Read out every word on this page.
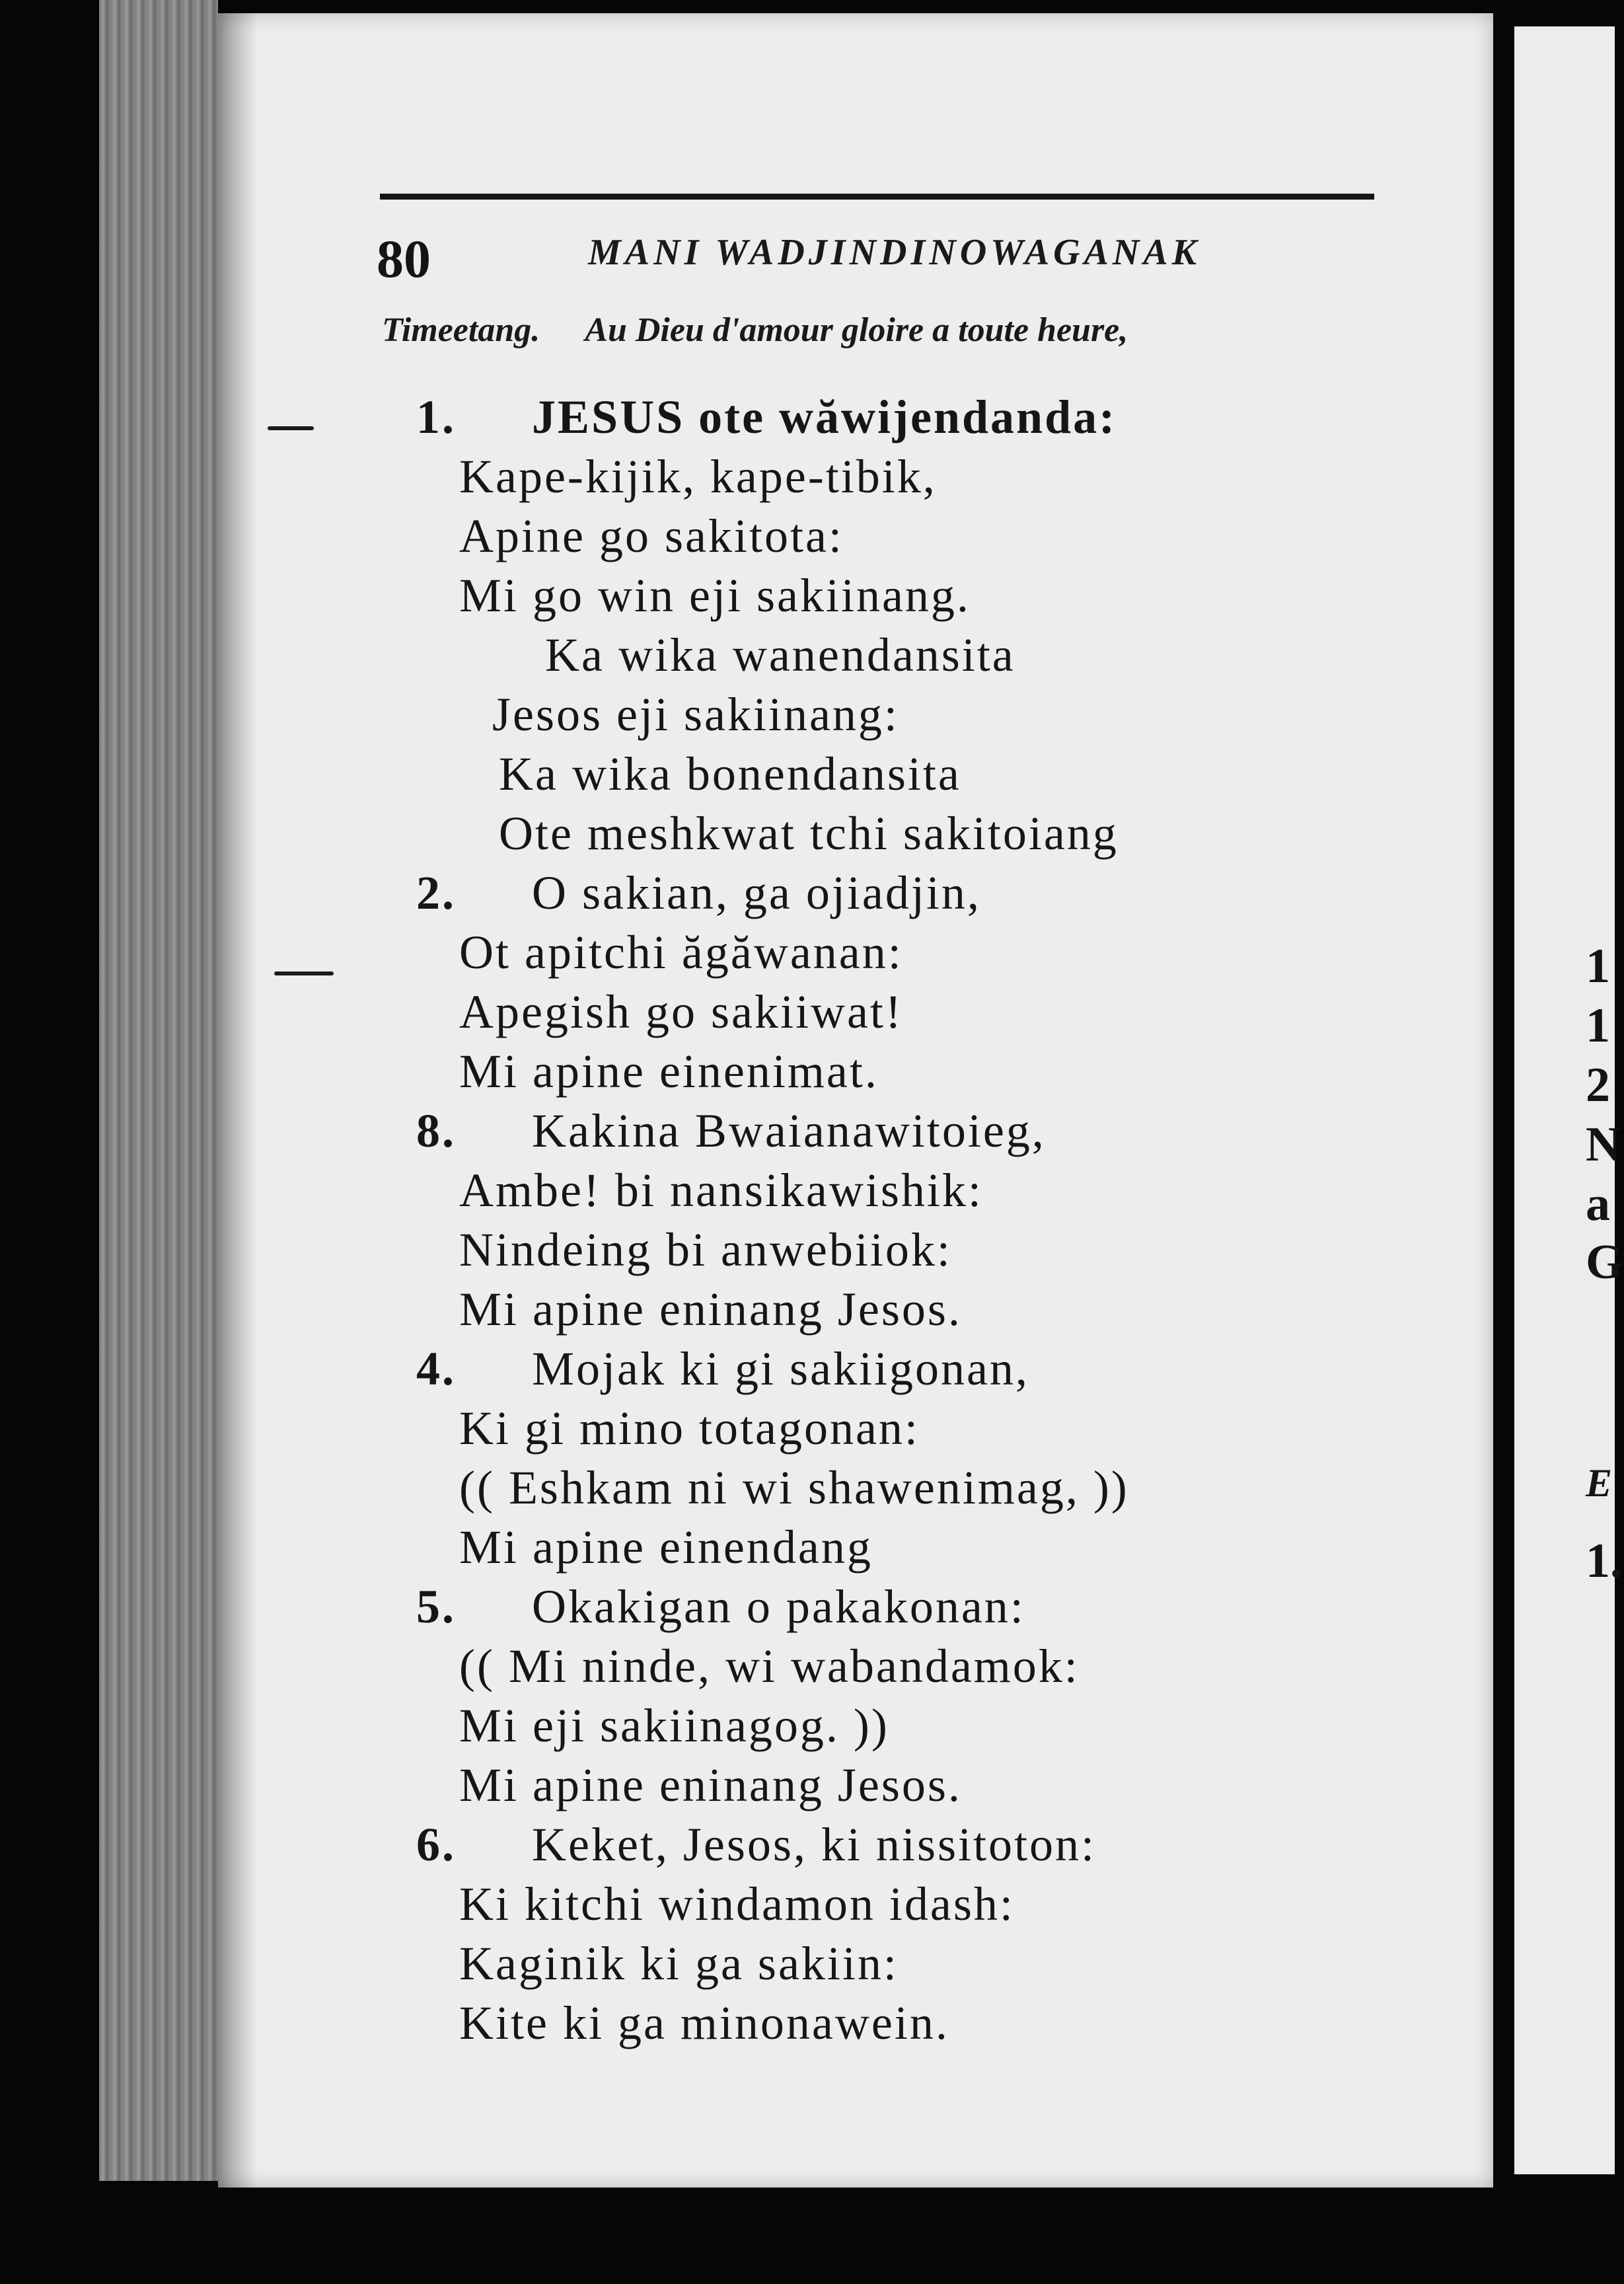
1
1
2
N
a
G
E
1.
80	MANI WADJINDINOWAGANAK
Timeetang. Au Dieu d'amour gloire a toute heure,
1. JESUS ote wăwijendanda:
Kape-kijik, kape-tibik,
Apine go sakitota:
Mi go win eji sakiinang.
Ka wika wanendansita
Jesos eji sakiinang:
Ka wika bonendansita
Ote meshkwat tchi sakitoiang
2. O sakian, ga ojiadjin,
Ot apitchi ăgăwanan:
Apegish go sakiiwat!
Mi apine einenimat.
8. Kakina Bwaianawitoieg,
Ambe! bi nansikawishik:
Nindeing bi anwebiiok:
Mi apine eninang Jesos.
4. Mojak ki gi sakiigonan,
Ki gi mino totagonan:
(( Eshkam ni wi shawenimag, ))
Mi apine einendang
5. Okakigan o pakakonan:
(( Mi ninde, wi wabandamok:
Mi eji sakiinagog. ))
Mi apine eninang Jesos.
6. Keket, Jesos, ki nissitoton:
Ki kitchi windamon idash:
Kaginik ki ga sakiin:
Kite ki ga minonawein.
